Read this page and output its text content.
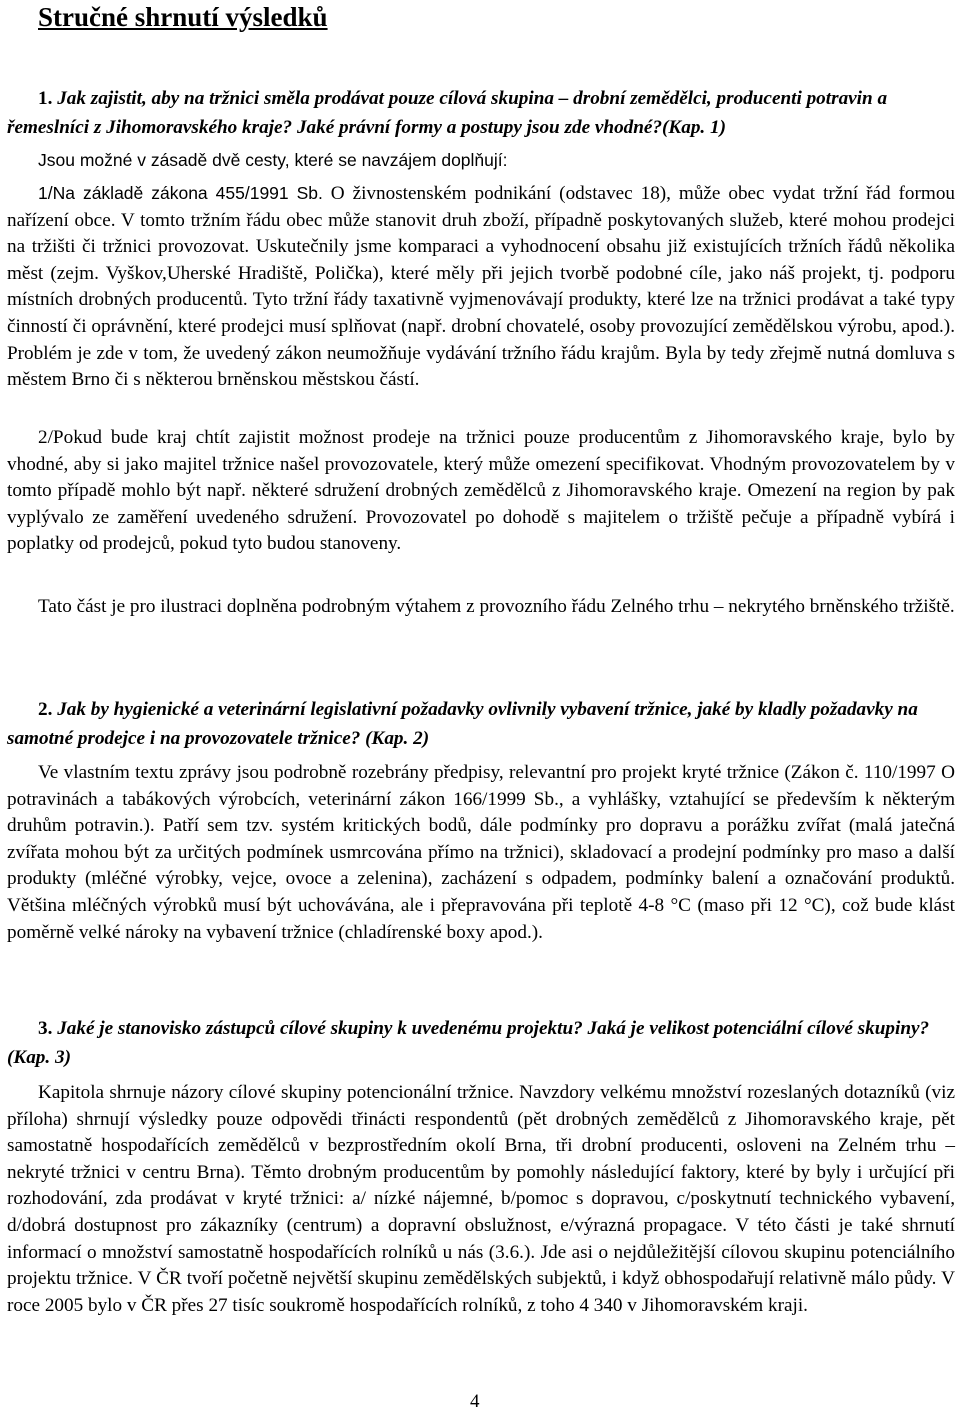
Stručné shrnutí výsledků
1. Jak zajistit, aby na tržnici směla prodávat pouze cílová skupina – drobní zemědělci, producenti potravin a řemeslníci z Jihomoravského kraje? Jaké právní formy a postupy jsou zde vhodné?(Kap. 1)
Jsou možné v zásadě dvě cesty, které se navzájem doplňují:
1/Na základě zákona 455/1991 Sb. O živnostenském podnikání (odstavec 18), může obec vydat tržní řád formou nařízení obce. V tomto tržním řádu obec může stanovit druh zboží, případně poskytovaných služeb, které mohou prodejci na tržišti či tržnici provozovat. Uskutečnily jsme komparaci a vyhodnocení obsahu již existujících tržních řádů několika měst (zejm. Vyškov,Uherské Hradiště, Polička), které měly při jejich tvorbě podobné cíle, jako náš projekt, tj. podporu místních drobných producentů. Tyto tržní řády taxativně vyjmenovávají produkty, které lze na tržnici prodávat a také typy činností či oprávnění, které prodejci musí splňovat (např. drobní chovatelé, osoby provozující zemědělskou výrobu, apod.). Problém je zde v tom, že uvedený zákon neumožňuje vydávání tržního řádu krajům. Byla by tedy zřejmě nutná domluva s městem Brno či s některou brněnskou městskou částí.
2/Pokud bude kraj chtít zajistit možnost prodeje na tržnici pouze producentům z Jihomoravského kraje, bylo by vhodné, aby si jako majitel tržnice našel provozovatele, který může omezení specifikovat. Vhodným provozovatelem by v tomto případě mohlo být např. některé sdružení drobných zemědělců z Jihomoravského kraje. Omezení na region by pak vyplývalo ze zaměření uvedeného sdružení. Provozovatel po dohodě s majitelem o tržiště pečuje a případně vybírá i poplatky od prodejců, pokud tyto budou stanoveny.
Tato část je pro ilustraci doplněna podrobným výtahem z provozního řádu Zelného trhu – nekrytého brněnského tržiště.
2. Jak by hygienické a veterinární legislativní požadavky ovlivnily vybavení tržnice, jaké by kladly požadavky na samotné prodejce i na provozovatele tržnice? (Kap. 2)
Ve vlastním textu zprávy jsou podrobně rozebrány předpisy, relevantní pro projekt kryté tržnice (Zákon č. 110/1997 O potravinách a tabákových výrobcích, veterinární zákon 166/1999 Sb., a vyhlášky, vztahující se především k některým druhům potravin.). Patří sem tzv. systém kritických bodů, dále podmínky pro dopravu a porážku zvířat (malá jatečná zvířata mohou být za určitých podmínek usmrcována přímo na tržnici), skladovací a prodejní podmínky pro maso a další produkty (mléčné výrobky, vejce, ovoce a zelenina), zacházení s odpadem, podmínky balení a označování produktů. Většina mléčných výrobků musí být uchovávána, ale i přepravována při teplotě 4-8 °C (maso při 12 °C), což bude klást poměrně velké nároky na vybavení tržnice (chladírenské boxy apod.).
3. Jaké je stanovisko zástupců cílové skupiny k uvedenému projektu? Jaká je velikost potenciální cílové skupiny? (Kap. 3)
Kapitola shrnuje názory cílové skupiny potencionální tržnice. Navzdory velkému množství rozeslaných dotazníků (viz příloha) shrnují výsledky pouze odpovědi třinácti respondentů (pět drobných zemědělců z Jihomoravského kraje, pět samostatně hospodařících zemědělců v bezprostředním okolí Brna, tři drobní producenti, osloveni na Zelném trhu – nekryté tržnici v centru Brna). Těmto drobným producentům by pomohly následující faktory, které by byly i určující při rozhodování, zda prodávat v kryté tržnici: a/ nízké nájemné, b/pomoc s dopravou, c/poskytnutí technického vybavení, d/dobrá dostupnost pro zákazníky (centrum) a dopravní obslužnost, e/výrazná propagace. V této části je také shrnutí informací o množství samostatně hospodařících rolníků u nás (3.6.). Jde asi o nejdůležitější cílovou skupinu potenciálního projektu tržnice. V ČR tvoří početně největší skupinu zemědělských subjektů, i když obhospodařují relativně málo půdy. V roce 2005 bylo v ČR přes 27 tisíc soukromě hospodařících rolníků, z toho 4 340 v Jihomoravském kraji.
4
